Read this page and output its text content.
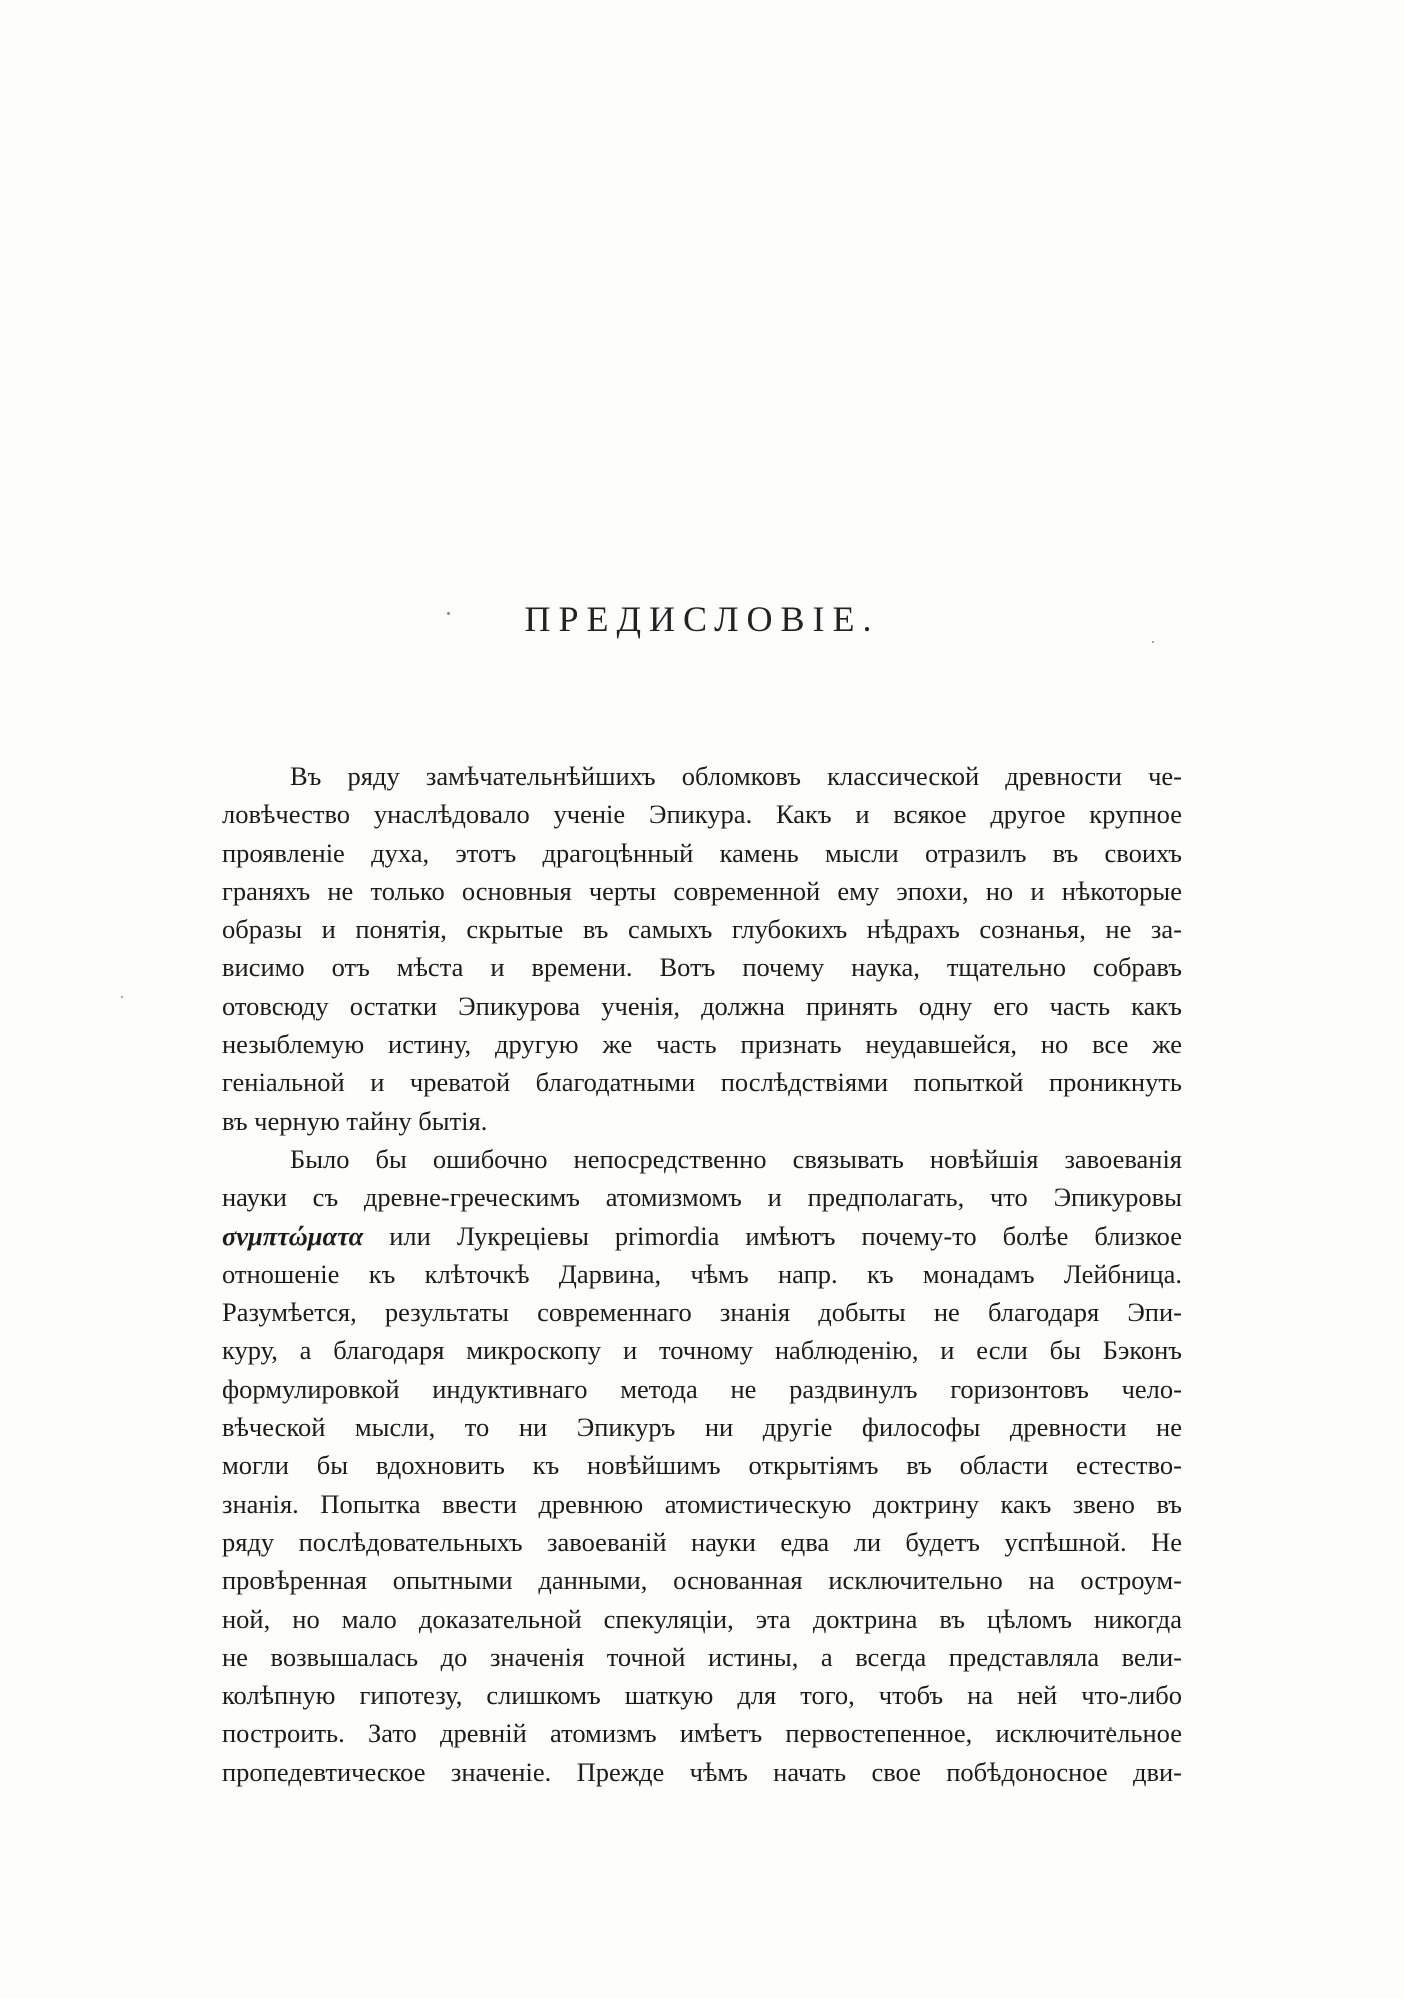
ПРЕДИСЛОВІЕ.
Въ ряду замѣчательнѣйшихъ обломковъ классической древности че-
ловѣчество унаслѣдовало ученіе Эпикура. Какъ и всякое другое крупное
проявленіе духа, этотъ драгоцѣнный камень мысли отразилъ въ своихъ
граняхъ не только основныя черты современной ему эпохи, но и нѣкоторые
образы и понятія, скрытые въ самыхъ глубокихъ нѣдрахъ сознанья, не за-
висимо отъ мѣста и времени. Вотъ почему наука, тщательно собравъ
отовсюду остатки Эпикурова ученія, должна принять одну его часть какъ
незыблемую истину, другую же часть признать неудавшейся, но все же
геніальной и чреватой благодатными послѣдствіями попыткой проникнуть
въ черную тайну бытія.
Было бы ошибочно непосредственно связывать новѣйшія завоеванія
науки съ древне-греческимъ атомизмомъ и предполагать, что Эпикуровы
σνμπτώματα или Лукреціевы primordia имѣютъ почему-то болѣе близкое
отношеніе къ клѣточкѣ Дарвина, чѣмъ напр. къ монадамъ Лейбница.
Разумѣется, результаты современнаго знанія добыты не благодаря Эпи-
куру, а благодаря микроскопу и точному наблюденію, и если бы Бэконъ
формулировкой индуктивнаго метода не раздвинулъ горизонтовъ чело-
вѣческой мысли, то ни Эпикуръ ни другіе философы древности не
могли бы вдохновить къ новѣйшимъ открытіямъ въ области естество-
знанія. Попытка ввести древнюю атомистическую доктрину какъ звено въ
ряду послѣдовательныхъ завоеваній науки едва ли будетъ успѣшной. Не
провѣренная опытными данными, основанная исключительно на остроум-
ной, но мало доказательной спекуляціи, эта доктрина въ цѣломъ никогда
не возвышалась до значенія точной истины, а всегда представляла вели-
колѣпную гипотезу, слишкомъ шаткую для того, чтобъ на ней что-либо
построить. Зато древній атомизмъ имѣетъ первостепенное, исключительное
пропедевтическое значеніе. Прежде чѣмъ начать свое побѣдоносное дви-
